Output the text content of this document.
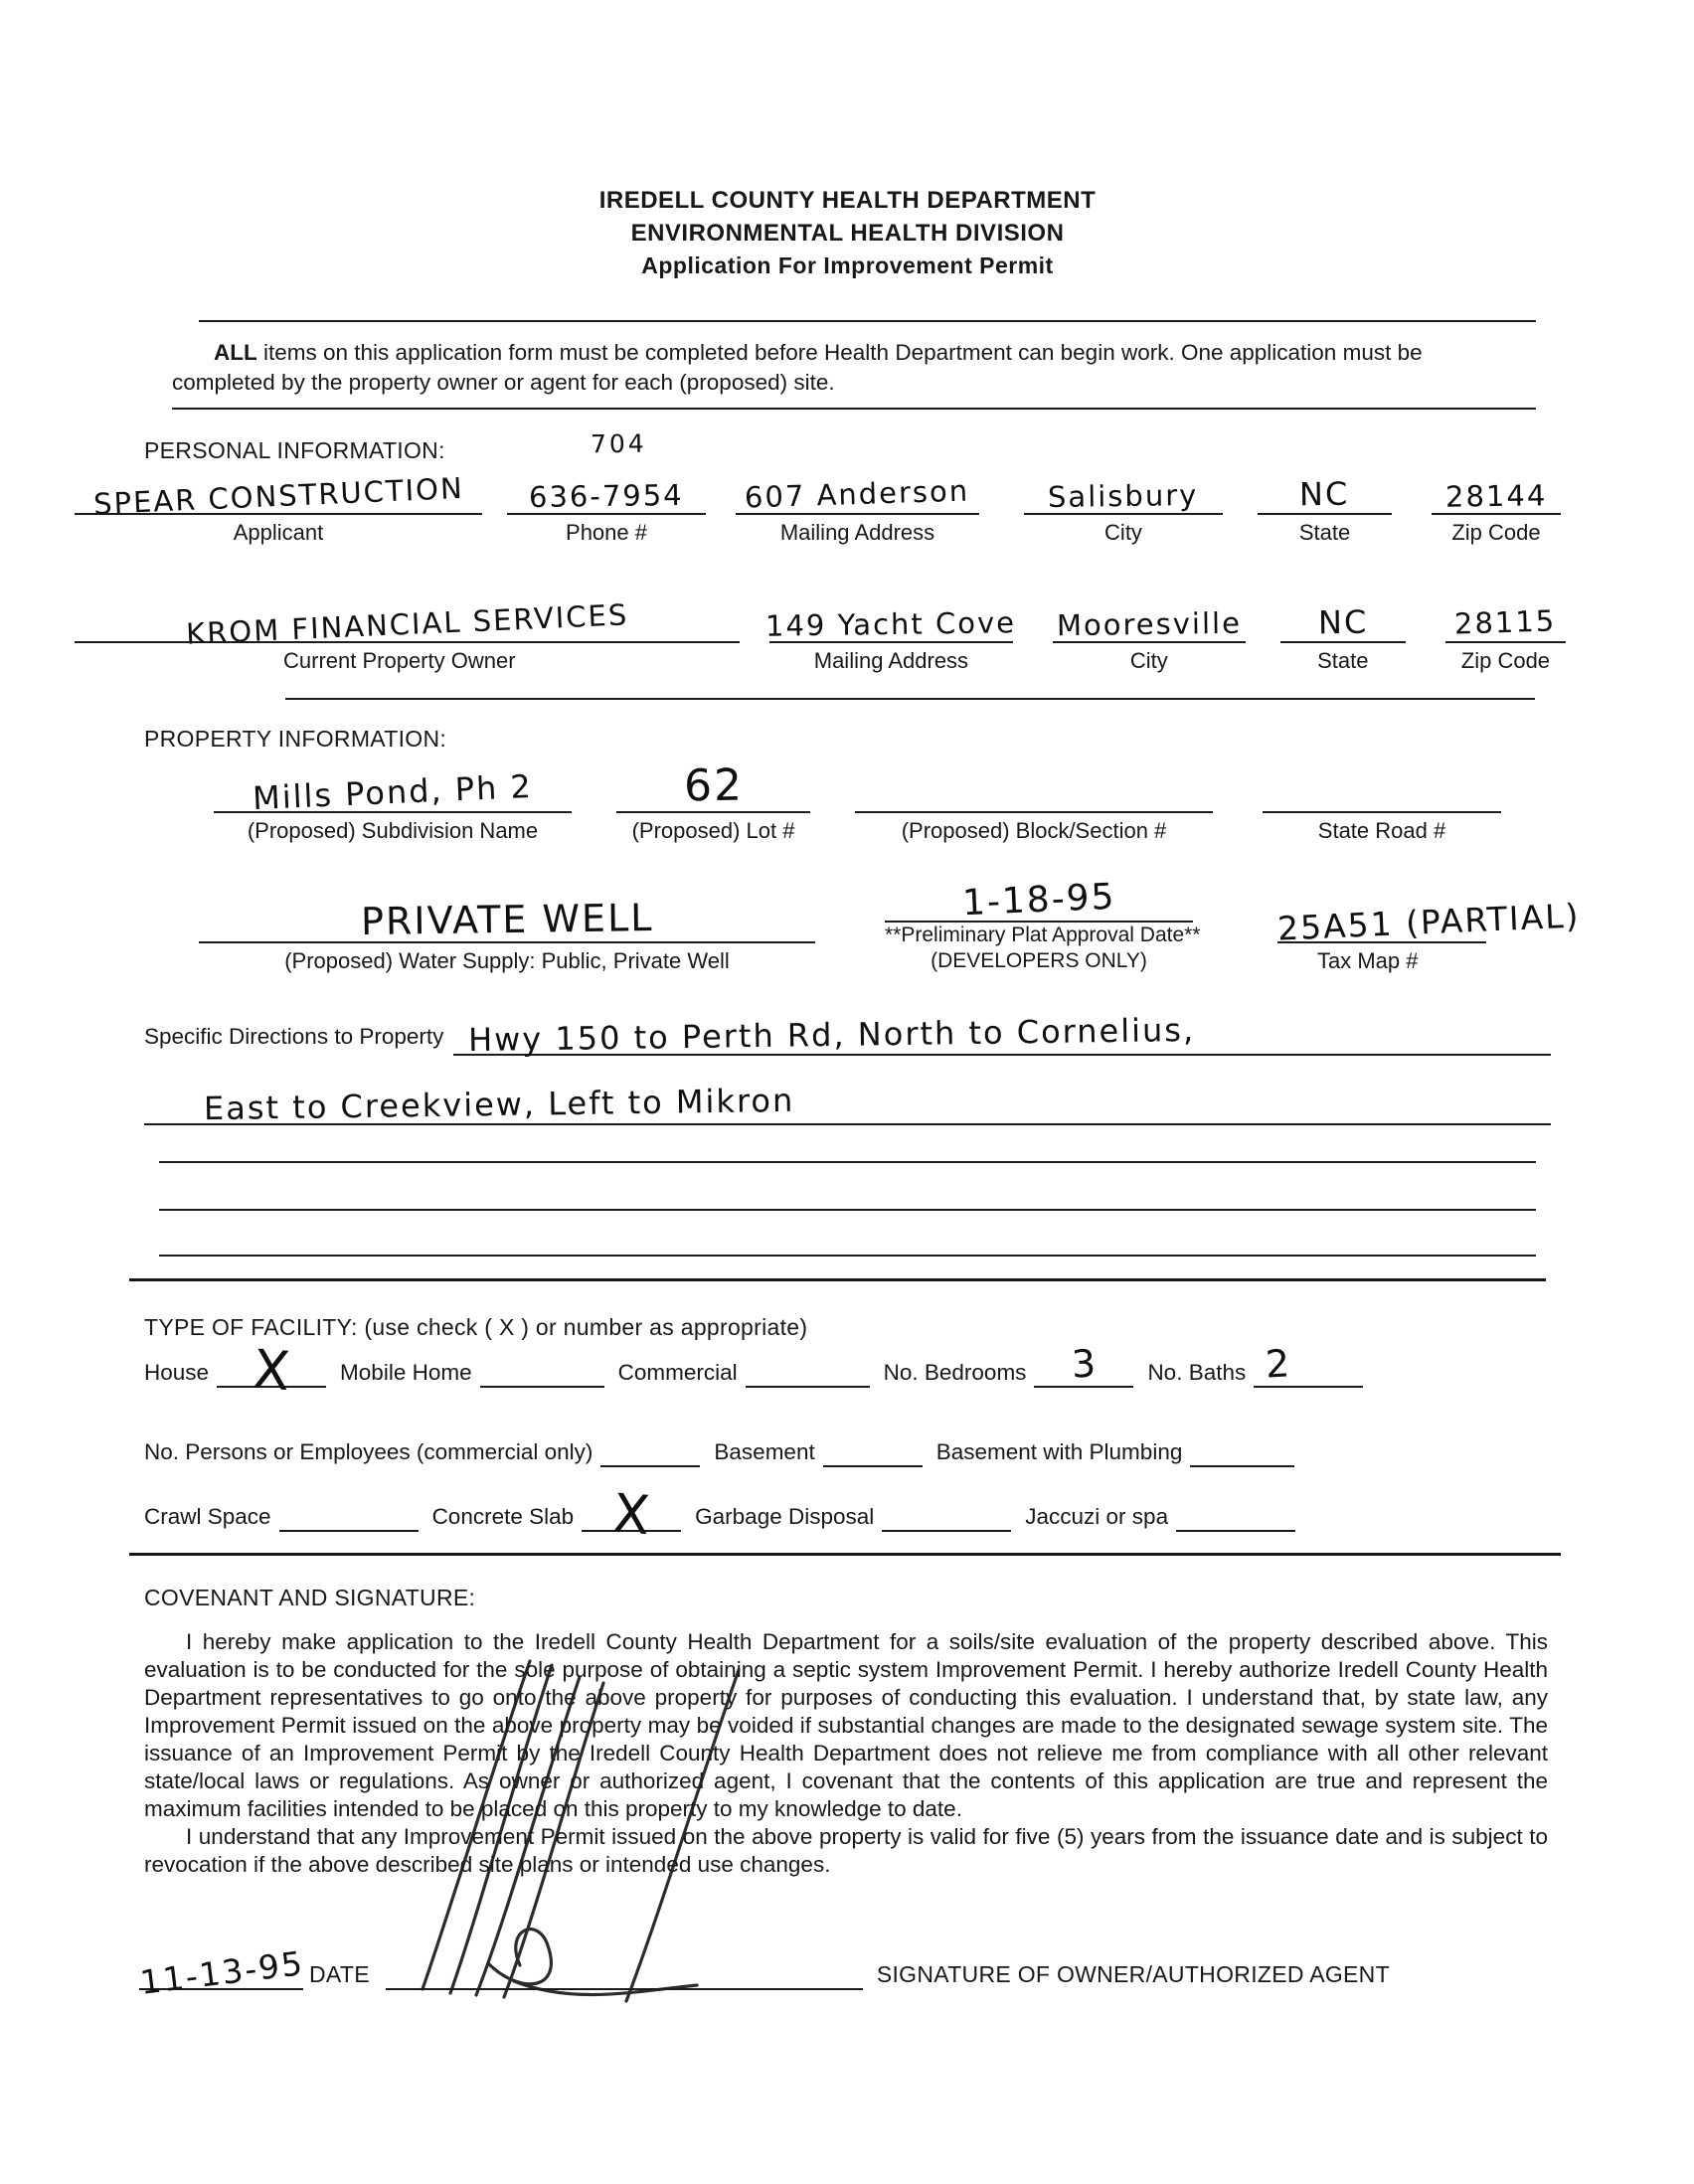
IREDELL COUNTY HEALTH DEPARTMENT
ENVIRONMENTAL HEALTH DIVISION
Application For Improvement Permit
ALL items on this application form must be completed before Health Department can begin work. One application must be completed by the property owner or agent for each (proposed) site.
PERSONAL INFORMATION:
SPEAR CONSTRUCTION
Applicant
704
636-7954
Phone #
607 Anderson
Mailing Address
Salisbury
City
NC
State
28144
Zip Code
KROM FINANCIAL SERVICES
Current Property Owner
149 Yacht Cove
Mailing Address
Mooresville
City
NC
State
28115
Zip Code
PROPERTY INFORMATION:
Mills Pond, Ph 2
(Proposed) Subdivision Name
62
(Proposed) Lot #	(Proposed) Block/Section #	State Road #
PRIVATE WELL
(Proposed) Water Supply: Public, Private Well
1-18-95
**Preliminary Plat Approval Date**
(DEVELOPERS ONLY)
25A51 (PARTIAL)
Tax Map #
Specific Directions to Property Hwy 150 to Perth Rd, North to Cornelius,
East to Creekview, Left to Mikron
TYPE OF FACILITY: (use check ( X ) or number as appropriate)
House X Mobile Home	Commercial	No. Bedrooms 3 No. Baths 2
No. Persons or Employees (commercial only)	Basement	Basement with Plumbing
Crawl Space	Concrete Slab X Garbage Disposal	Jaccuzi or spa
COVENANT AND SIGNATURE:

I hereby make application to the Iredell County Health Department for a soils/site evaluation of the property described above. This evaluation is to be conducted for the sole purpose of obtaining a septic system Improvement Permit. I hereby authorize Iredell County Health Department representatives to go onto the above property for purposes of conducting this evaluation. I understand that, by state law, any Improvement Permit issued on the above property may be voided if substantial changes are made to the designated sewage system site. The issuance of an Improvement Permit by the Iredell County Health Department does not relieve me from compliance with all other relevant state/local laws or regulations. As owner or authorized agent, I covenant that the contents of this application are true and represent the maximum facilities intended to be placed on this property to my knowledge to date.

I understand that any Improvement Permit issued on the above property is valid for five (5) years from the issuance date and is subject to revocation if the above described site plans or intended use changes.

11-13-95 DATE	SIGNATURE OF OWNER/AUTHORIZED AGENT
